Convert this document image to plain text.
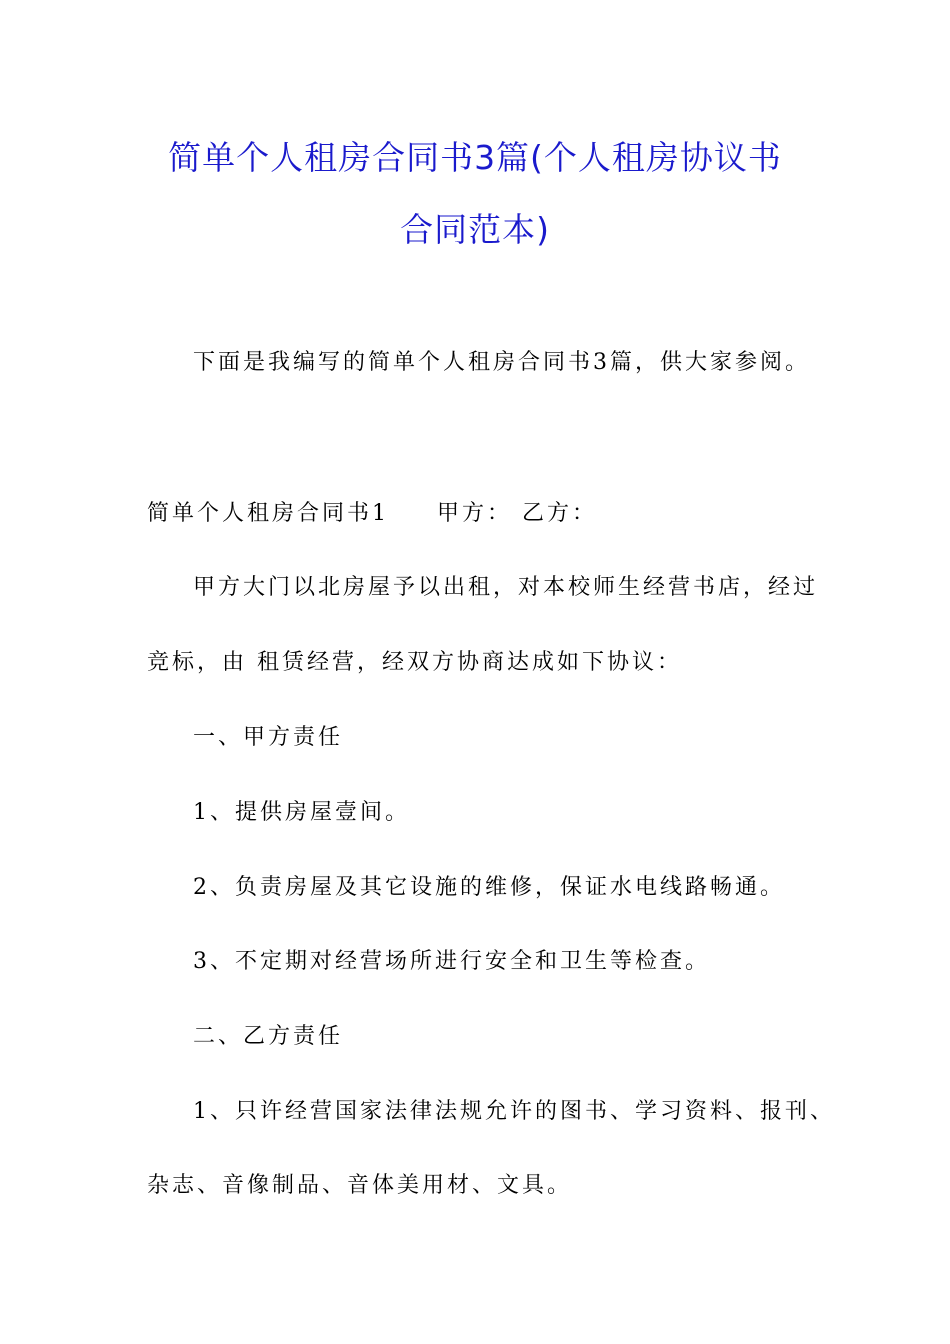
简单个人租房合同书3篇(个人租房协议书
合同范本)
下面是我编写的简单个人租房合同书3篇，供大家参阅。
简单个人租房合同书1 甲方： 乙方：
甲方大门以北房屋予以出租，对本校师生经营书店，经过
竞标，由 租赁经营，经双方协商达成如下协议：
一、甲方责任
1、提供房屋壹间。
2、负责房屋及其它设施的维修，保证水电线路畅通。
3、不定期对经营场所进行安全和卫生等检查。
二、乙方责任
1、只许经营国家法律法规允许的图书、学习资料、报刊、
杂志、音像制品、音体美用材、文具。
